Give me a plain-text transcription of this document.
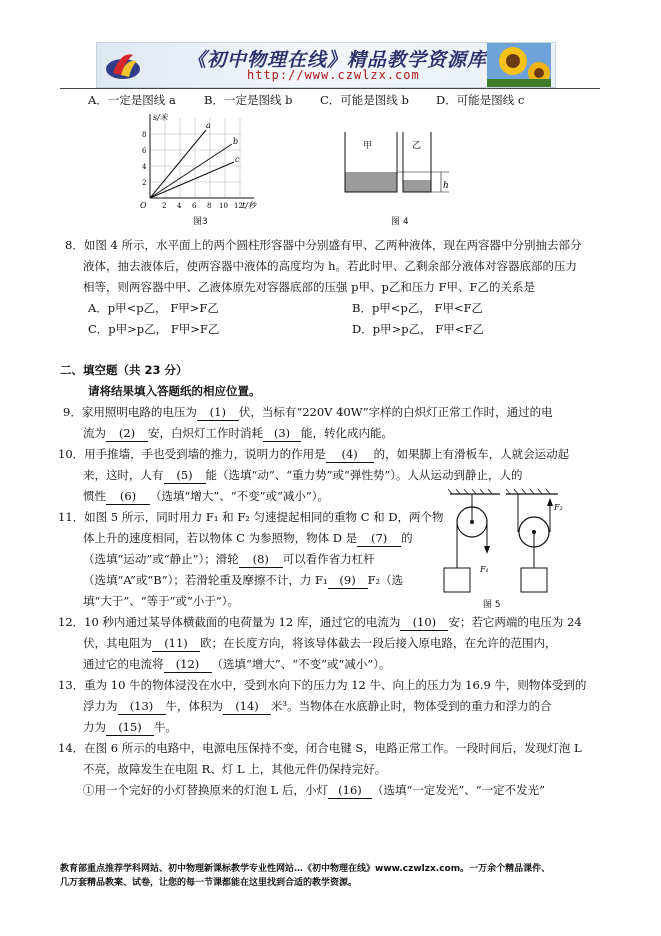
《初中物理在线》精品教学资源库
http://www.czwlzx.com
A．一定是图线 a B．一定是图线 b C．可能是图线 b D．可能是图线 c
s/米
t/秒
O 2 4 6 8 10 12
2
4
6
8
a
b
c
图3
甲	乙
h
图 4
8．如图 4 所示，水平面上的两个圆柱形容器中分别盛有甲、乙两种液体，现在两容器中分别抽去部分
液体，抽去液体后，使两容器中液体的高度均为 h。若此时甲、乙剩余部分液体对容器底部的压力
相等，则两容器中甲、乙液体原先对容器底部的压强 p甲、p乙和压力 F甲、F乙的关系是
A．p甲<p乙， F甲>F乙	B．p甲<p乙， F甲<F乙
C．p甲>p乙， F甲>F乙	D．p甲>p乙， F甲<F乙
二、填空题（共 23 分）
请将结果填入答题纸的相应位置。
9．家用照明电路的电压为 (1) 伏，当标有“220V 40W”字样的白炽灯正常工作时，通过的电
流为 (2) 安，白炽灯工作时消耗 (3) 能，转化成内能。
10．用手推墙，手也受到墙的推力，说明力的作用是 (4) 的，如果脚上有滑板车，人就会运动起
来，这时，人有 (5) 能（选填“动”、“重力势”或“弹性势”）。人从运动到静止，人的
惯性 (6) （选填“增大”、“不变”或“减小”）。
11．如图 5 所示，同时用力 F₁ 和 F₂ 匀速提起相同的重物 C 和 D，两个物
体上升的速度相同，若以物体 C 为参照物，物体 D 是 (7) 的
（选填“运动”或“静止”）；滑轮 (8) 可以看作省力杠杆
（选填“A”或“B”）；若滑轮重及摩擦不计，力 F₁ (9) F₂（选
填“大于”、“等于”或“小于”）。
F₁
F₂
图 5
12．10 秒内通过某导体横截面的电荷量为 12 库，通过它的电流为 (10) 安；若它两端的电压为 24
伏，其电阻为 (11) 欧；在长度方向，将该导体截去一段后接入原电路，在允许的范围内，
通过它的电流将 (12) （选填“增大”、“不变”或“减小”）。
13．重为 10 牛的物体浸没在水中，受到水向下的压力为 12 牛、向上的压力为 16.9 牛，则物体受到的
浮力为 (13) 牛，体积为 (14) 米³。当物体在水底静止时，物体受到的重力和浮力的合
力为 (15) 牛。
14．在图 6 所示的电路中，电源电压保持不变，闭合电键 S，电路正常工作。一段时间后，发现灯泡 L
不亮，故障发生在电阻 R、灯 L 上，其他元件仍保持完好。
①用一个完好的小灯替换原来的灯泡 L 后，小灯 (16) （选填“一定发光”、“一定不发光”
教育部重点推荐学科网站、初中物理新课标教学专业性网站…《初中物理在线》www.czwlzx.com。一万余个精品课件、
几万套精品教案、试卷，让您的每一节课都能在这里找到合适的教学资源。
